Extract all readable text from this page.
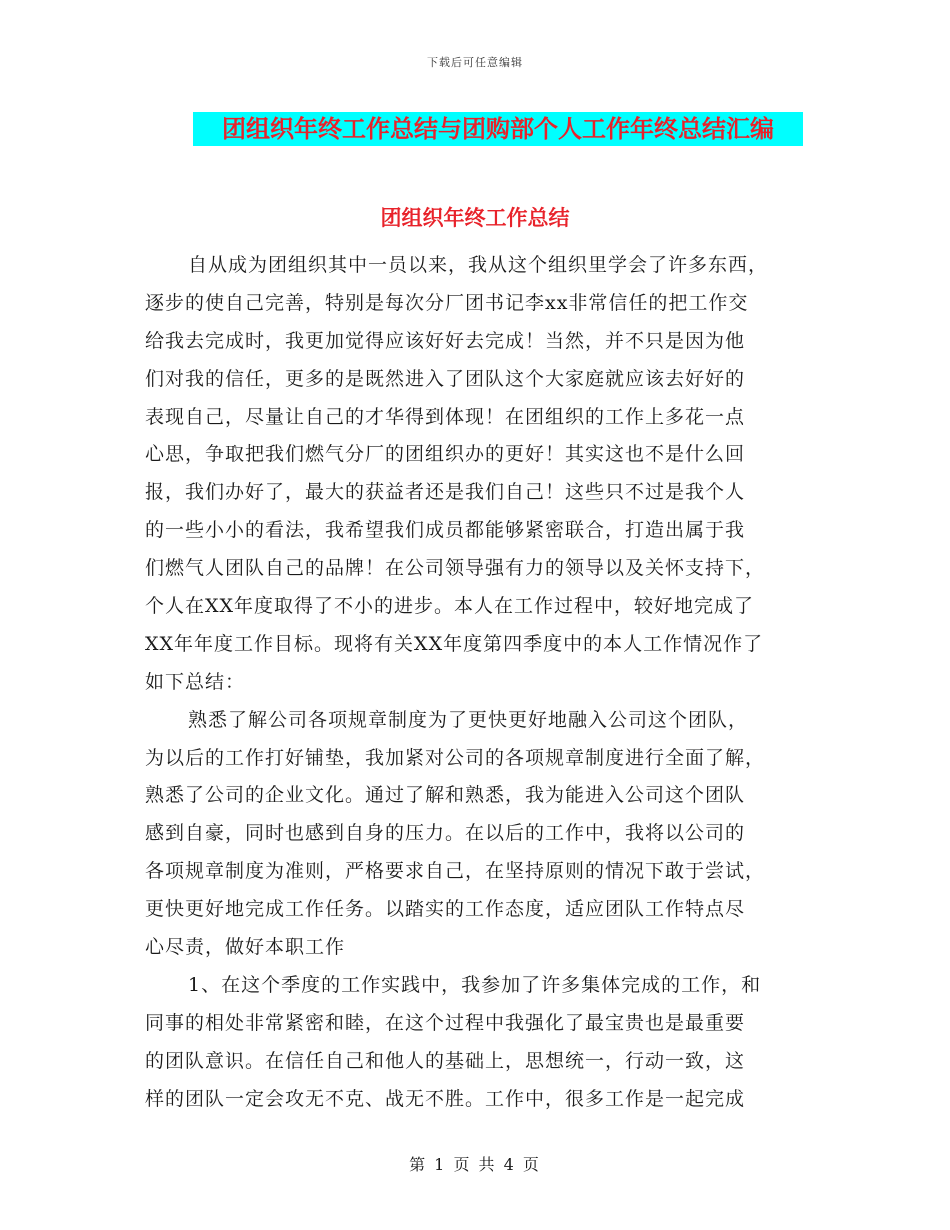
下载后可任意编辑
团组织年终工作总结与团购部个人工作年终总结汇编
团组织年终工作总结
自从成为团组织其中一员以来，我从这个组织里学会了许多东西，
逐步的使自己完善，特别是每次分厂团书记李xx非常信任的把工作交
给我去完成时，我更加觉得应该好好去完成！当然，并不只是因为他
们对我的信任，更多的是既然进入了团队这个大家庭就应该去好好的
表现自己，尽量让自己的才华得到体现！在团组织的工作上多花一点
心思，争取把我们燃气分厂的团组织办的更好！其实这也不是什么回
报，我们办好了，最大的获益者还是我们自己！这些只不过是我个人
的一些小小的看法，我希望我们成员都能够紧密联合，打造出属于我
们燃气人团队自己的品牌！在公司领导强有力的领导以及关怀支持下，
个人在XX年度取得了不小的进步。本人在工作过程中，较好地完成了
XX年年度工作目标。现将有关XX年度第四季度中的本人工作情况作了
如下总结：
熟悉了解公司各项规章制度为了更快更好地融入公司这个团队，
为以后的工作打好铺垫，我加紧对公司的各项规章制度进行全面了解，
熟悉了公司的企业文化。通过了解和熟悉，我为能进入公司这个团队
感到自豪，同时也感到自身的压力。在以后的工作中，我将以公司的
各项规章制度为准则，严格要求自己，在坚持原则的情况下敢于尝试，
更快更好地完成工作任务。以踏实的工作态度，适应团队工作特点尽
心尽责，做好本职工作
1、在这个季度的工作实践中，我参加了许多集体完成的工作，和
同事的相处非常紧密和睦，在这个过程中我强化了最宝贵也是最重要
的团队意识。在信任自己和他人的基础上，思想统一，行动一致，这
样的团队一定会攻无不克、战无不胜。工作中，很多工作是一起完成
第 1 页 共 4 页
